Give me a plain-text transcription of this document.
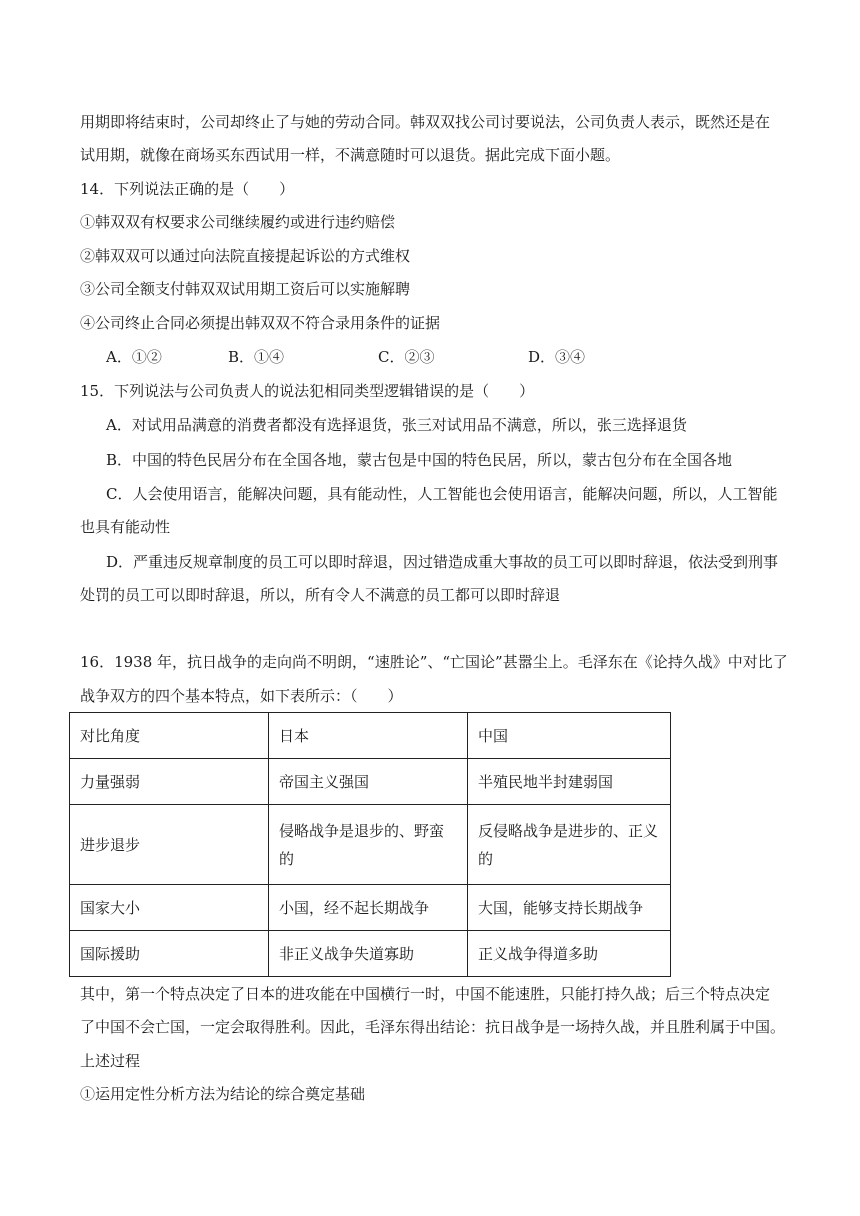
用期即将结束时，公司却终止了与她的劳动合同。韩双双找公司讨要说法，公司负责人表示，既然还是在
试用期，就像在商场买东西试用一样，不满意随时可以退货。据此完成下面小题。
14．下列说法正确的是（　　）
①韩双双有权要求公司继续履约或进行违约赔偿
②韩双双可以通过向法院直接提起诉讼的方式维权
③公司全额支付韩双双试用期工资后可以实施解聘
④公司终止合同必须提出韩双双不符合录用条件的证据
A．①②	B．①④	C．②③	D．③④
15．下列说法与公司负责人的说法犯相同类型逻辑错误的是（　　）
A．对试用品满意的消费者都没有选择退货，张三对试用品不满意，所以，张三选择退货
B．中国的特色民居分布在全国各地，蒙古包是中国的特色民居，所以，蒙古包分布在全国各地
C．人会使用语言，能解决问题，具有能动性，人工智能也会使用语言，能解决问题，所以，人工智能
也具有能动性
D．严重违反规章制度的员工可以即时辞退，因过错造成重大事故的员工可以即时辞退，依法受到刑事
处罚的员工可以即时辞退，所以，所有令人不满意的员工都可以即时辞退
16．1938 年，抗日战争的走向尚不明朗，“速胜论”、“亡国论”甚嚣尘上。毛泽东在《论持久战》中对比了
战争双方的四个基本特点，如下表所示：（　　）
对比角度	日本	中国
力量强弱	帝国主义强国	半殖民地半封建弱国
进步退步	侵略战争是退步的、野蛮的	反侵略战争是进步的、正义的
国家大小	小国，经不起长期战争	大国，能够支持长期战争
国际援助	非正义战争失道寡助	正义战争得道多助
其中，第一个特点决定了日本的进攻能在中国横行一时，中国不能速胜，只能打持久战；后三个特点决定
了中国不会亡国，一定会取得胜利。因此，毛泽东得出结论：抗日战争是一场持久战，并且胜利属于中国。
上述过程
①运用定性分析方法为结论的综合奠定基础
